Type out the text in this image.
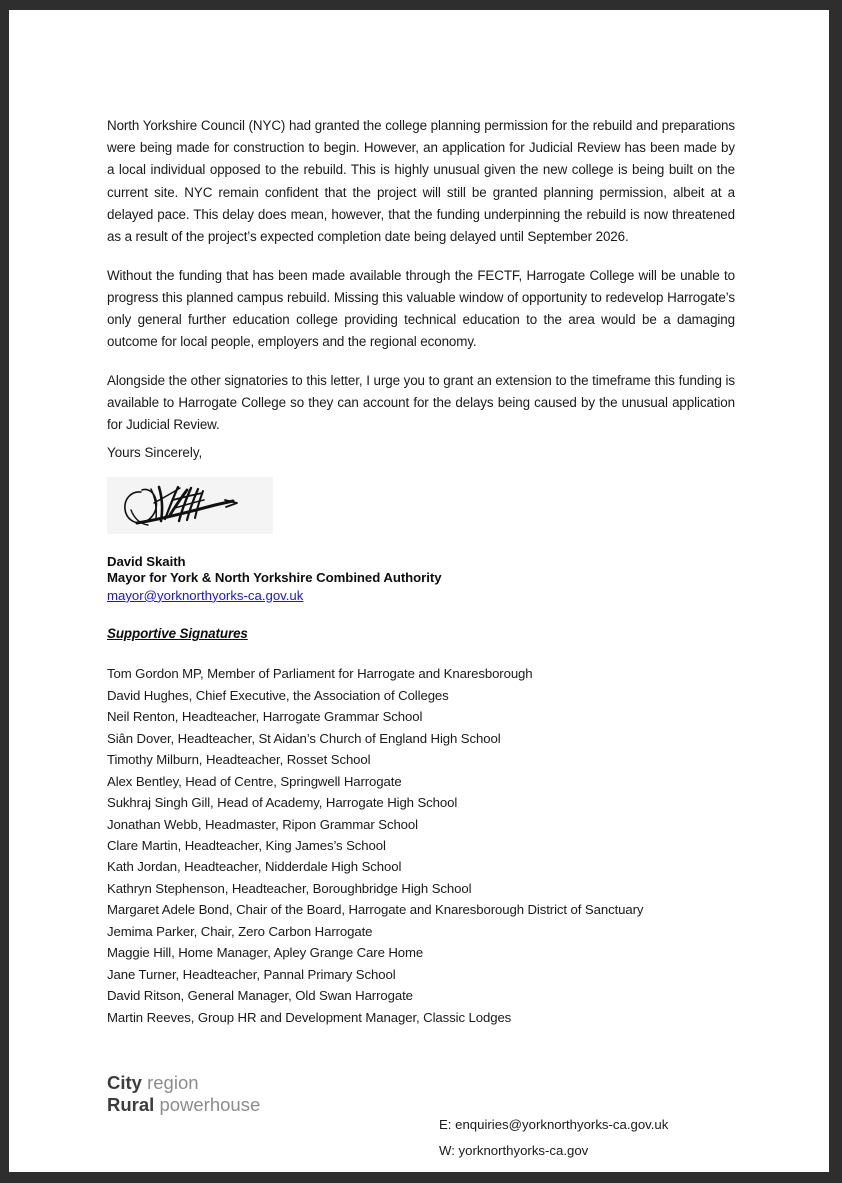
North Yorkshire Council (NYC) had granted the college planning permission for the rebuild and preparations were being made for construction to begin. However, an application for Judicial Review has been made by a local individual opposed to the rebuild. This is highly unusual given the new college is being built on the current site. NYC remain confident that the project will still be granted planning permission, albeit at a delayed pace. This delay does mean, however, that the funding underpinning the rebuild is now threatened as a result of the project’s expected completion date being delayed until September 2026.

Without the funding that has been made available through the FECTF, Harrogate College will be unable to progress this planned campus rebuild. Missing this valuable window of opportunity to redevelop Harrogate’s only general further education college providing technical education to the area would be a damaging outcome for local people, employers and the regional economy.

Alongside the other signatories to this letter, I urge you to grant an extension to the timeframe this funding is available to Harrogate College so they can account for the delays being caused by the unusual application for Judicial Review.

Yours Sincerely,
David Skaith
Mayor for York & North Yorkshire Combined Authority
mayor@yorknorthyorks-ca.gov.uk
Supportive Signatures
Tom Gordon MP, Member of Parliament for Harrogate and Knaresborough
David Hughes, Chief Executive, the Association of Colleges
Neil Renton, Headteacher, Harrogate Grammar School
Siân Dover, Headteacher, St Aidan’s Church of England High School
Timothy Milburn, Headteacher, Rosset School
Alex Bentley, Head of Centre, Springwell Harrogate
Sukhraj Singh Gill, Head of Academy, Harrogate High School
Jonathan Webb, Headmaster, Ripon Grammar School
Clare Martin, Headteacher, King James’s School
Kath Jordan, Headteacher, Nidderdale High School
Kathryn Stephenson, Headteacher, Boroughbridge High School
Margaret Adele Bond, Chair of the Board, Harrogate and Knaresborough District of Sanctuary
Jemima Parker, Chair, Zero Carbon Harrogate
Maggie Hill, Home Manager, Apley Grange Care Home
Jane Turner, Headteacher, Pannal Primary School
David Ritson, General Manager, Old Swan Harrogate
Martin Reeves, Group HR and Development Manager, Classic Lodges
City region
Rural powerhouse
E: enquiries@yorknorthyorks-ca.gov.uk
W: yorknorthyorks-ca.gov
